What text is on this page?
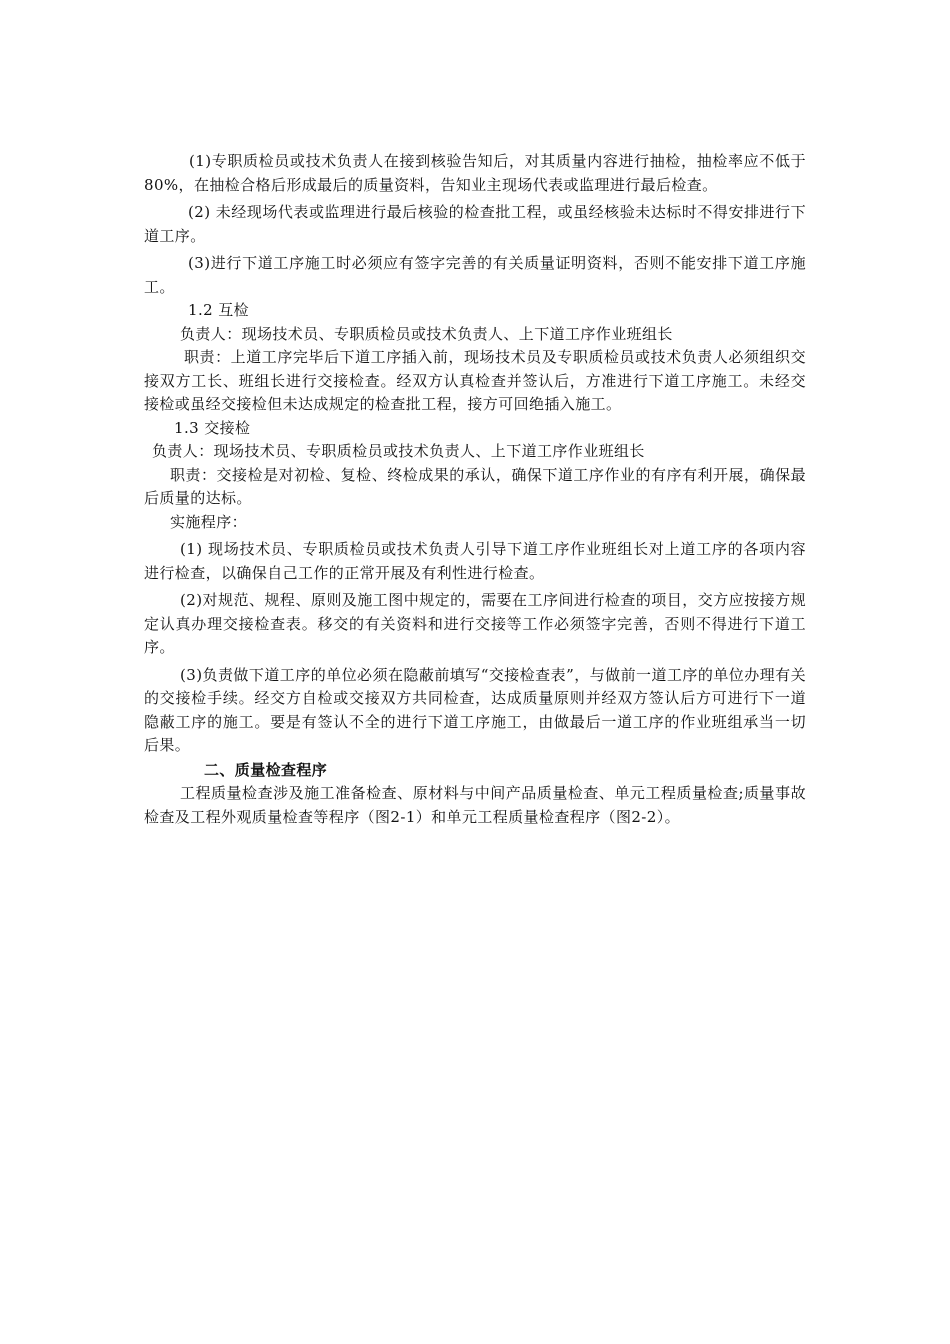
(1)专职质检员或技术负责人在接到核验告知后，对其质量内容进行抽检，抽检率应不低于80%，在抽检合格后形成最后的质量资料，告知业主现场代表或监理进行最后检查。

(2) 未经现场代表或监理进行最后核验的检查批工程，或虽经核验未达标时不得安排进行下道工序。

(3)进行下道工序施工时必须应有签字完善的有关质量证明资料，否则不能安排下道工序施工。

1.2 互检

负责人：现场技术员、专职质检员或技术负责人、上下道工序作业班组长

职责：上道工序完毕后下道工序插入前，现场技术员及专职质检员或技术负责人必须组织交接双方工长、班组长进行交接检查。经双方认真检查并签认后，方准进行下道工序施工。未经交接检或虽经交接检但未达成规定的检查批工程，接方可回绝插入施工。

1.3 交接检

负责人：现场技术员、专职质检员或技术负责人、上下道工序作业班组长

职责：交接检是对初检、复检、终检成果的承认，确保下道工序作业的有序有利开展，确保最后质量的达标。

实施程序：

(1) 现场技术员、专职质检员或技术负责人引导下道工序作业班组长对上道工序的各项内容进行检查，以确保自己工作的正常开展及有利性进行检查。

(2)对规范、规程、原则及施工图中规定的，需要在工序间进行检查的项目，交方应按接方规定认真办理交接检查表。移交的有关资料和进行交接等工作必须签字完善，否则不得进行下道工序。

(3)负责做下道工序的单位必须在隐蔽前填写“交接检查表”，与做前一道工序的单位办理有关的交接检手续。经交方自检或交接双方共同检查，达成质量原则并经双方签认后方可进行下一道隐蔽工序的施工。要是有签认不全的进行下道工序施工，由做最后一道工序的作业班组承当一切后果。

二、质量检查程序

工程质量检查涉及施工准备检查、原材料与中间产品质量检查、单元工程质量检查;质量事故检查及工程外观质量检查等程序（图2-1）和单元工程质量检查程序（图2-2）。
